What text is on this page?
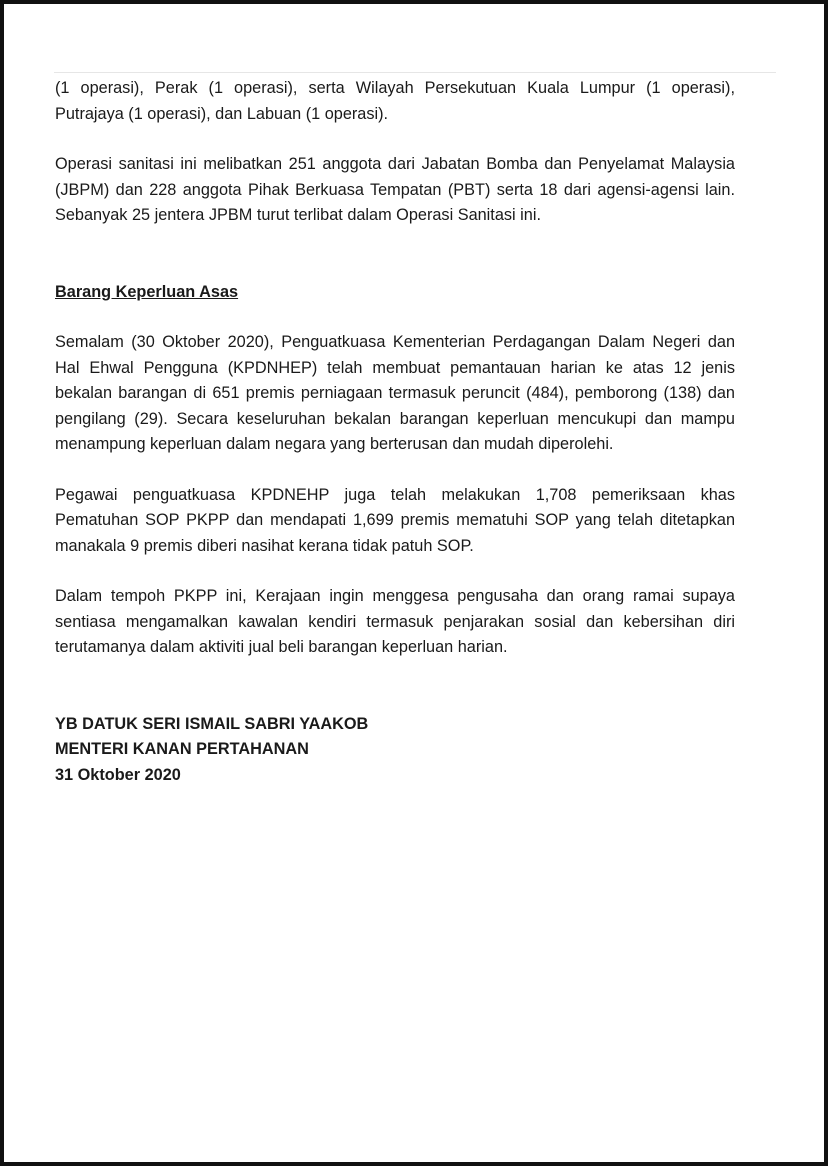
(1 operasi), Perak (1 operasi), serta Wilayah Persekutuan Kuala Lumpur (1 operasi), Putrajaya (1 operasi), dan Labuan (1 operasi).

Operasi sanitasi ini melibatkan 251 anggota dari Jabatan Bomba dan Penyelamat Malaysia (JBPM) dan 228 anggota Pihak Berkuasa Tempatan (PBT) serta 18 dari agensi-agensi lain. Sebanyak 25 jentera JPBM turut terlibat dalam Operasi Sanitasi ini.

Barang Keperluan Asas

Semalam (30 Oktober 2020), Penguatkuasa Kementerian Perdagangan Dalam Negeri dan Hal Ehwal Pengguna (KPDNHEP) telah membuat pemantauan harian ke atas 12 jenis bekalan barangan di 651 premis perniagaan termasuk peruncit (484), pemborong (138) dan pengilang (29). Secara keseluruhan bekalan barangan keperluan mencukupi dan mampu menampung keperluan dalam negara yang berterusan dan mudah diperolehi.

Pegawai penguatkuasa KPDNEHP juga telah melakukan 1,708 pemeriksaan khas Pematuhan SOP PKPP dan mendapati 1,699 premis mematuhi SOP yang telah ditetapkan manakala 9 premis diberi nasihat kerana tidak patuh SOP.

Dalam tempoh PKPP ini, Kerajaan ingin menggesa pengusaha dan orang ramai supaya sentiasa mengamalkan kawalan kendiri termasuk penjarakan sosial dan kebersihan diri terutamanya dalam aktiviti jual beli barangan keperluan harian.

YB DATUK SERI ISMAIL SABRI YAAKOB

MENTERI KANAN PERTAHANAN

31 Oktober 2020
